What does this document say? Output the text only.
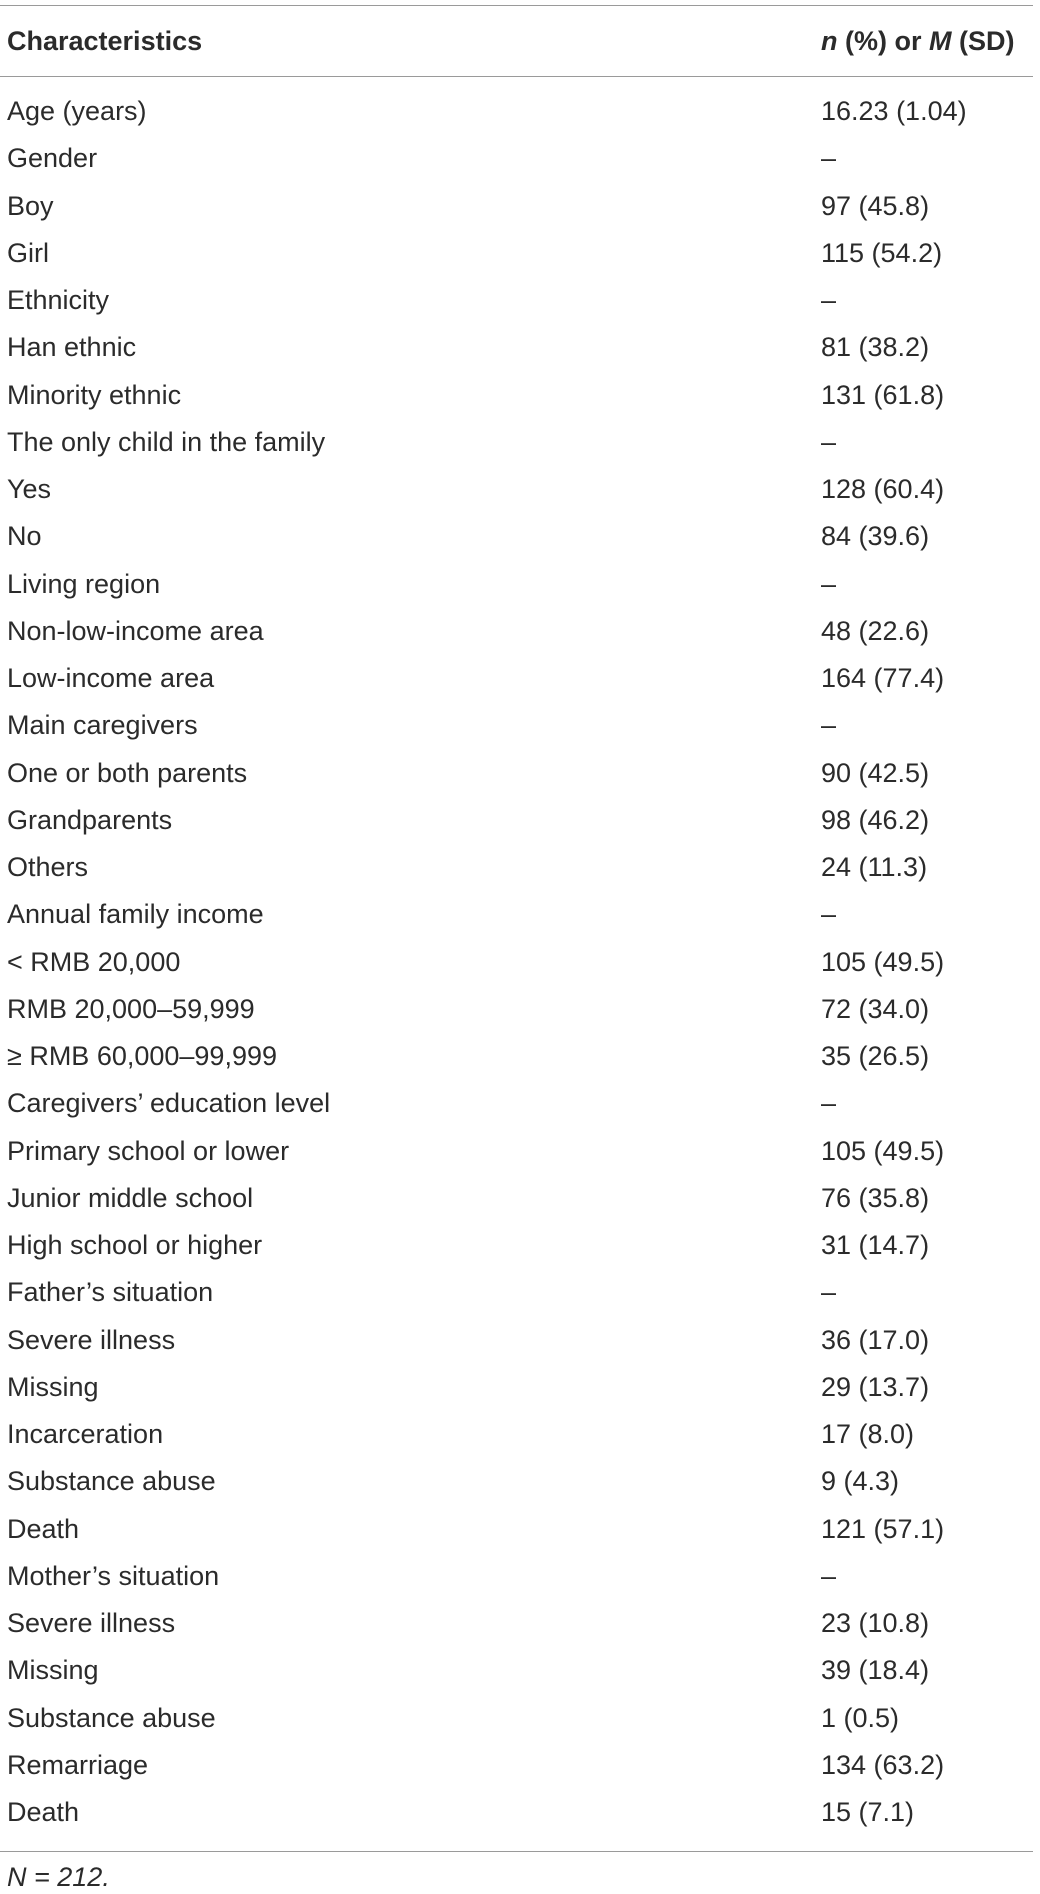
Characteristics	n (%) or M (SD)
Age (years)	16.23 (1.04)
Gender	–
Boy	97 (45.8)
Girl	115 (54.2)
Ethnicity	–
Han ethnic	81 (38.2)
Minority ethnic	131 (61.8)
The only child in the family	–
Yes	128 (60.4)
No	84 (39.6)
Living region	–
Non-low-income area	48 (22.6)
Low-income area	164 (77.4)
Main caregivers	–
One or both parents	90 (42.5)
Grandparents	98 (46.2)
Others	24 (11.3)
Annual family income	–
< RMB 20,000	105 (49.5)
RMB 20,000–59,999	72 (34.0)
≥ RMB 60,000–99,999	35 (26.5)
Caregivers’ education level	–
Primary school or lower	105 (49.5)
Junior middle school	76 (35.8)
High school or higher	31 (14.7)
Father’s situation	–
Severe illness	36 (17.0)
Missing	29 (13.7)
Incarceration	17 (8.0)
Substance abuse	9 (4.3)
Death	121 (57.1)
Mother’s situation	–
Severe illness	23 (10.8)
Missing	39 (18.4)
Substance abuse	1 (0.5)
Remarriage	134 (63.2)
Death	15 (7.1)
N = 212.
